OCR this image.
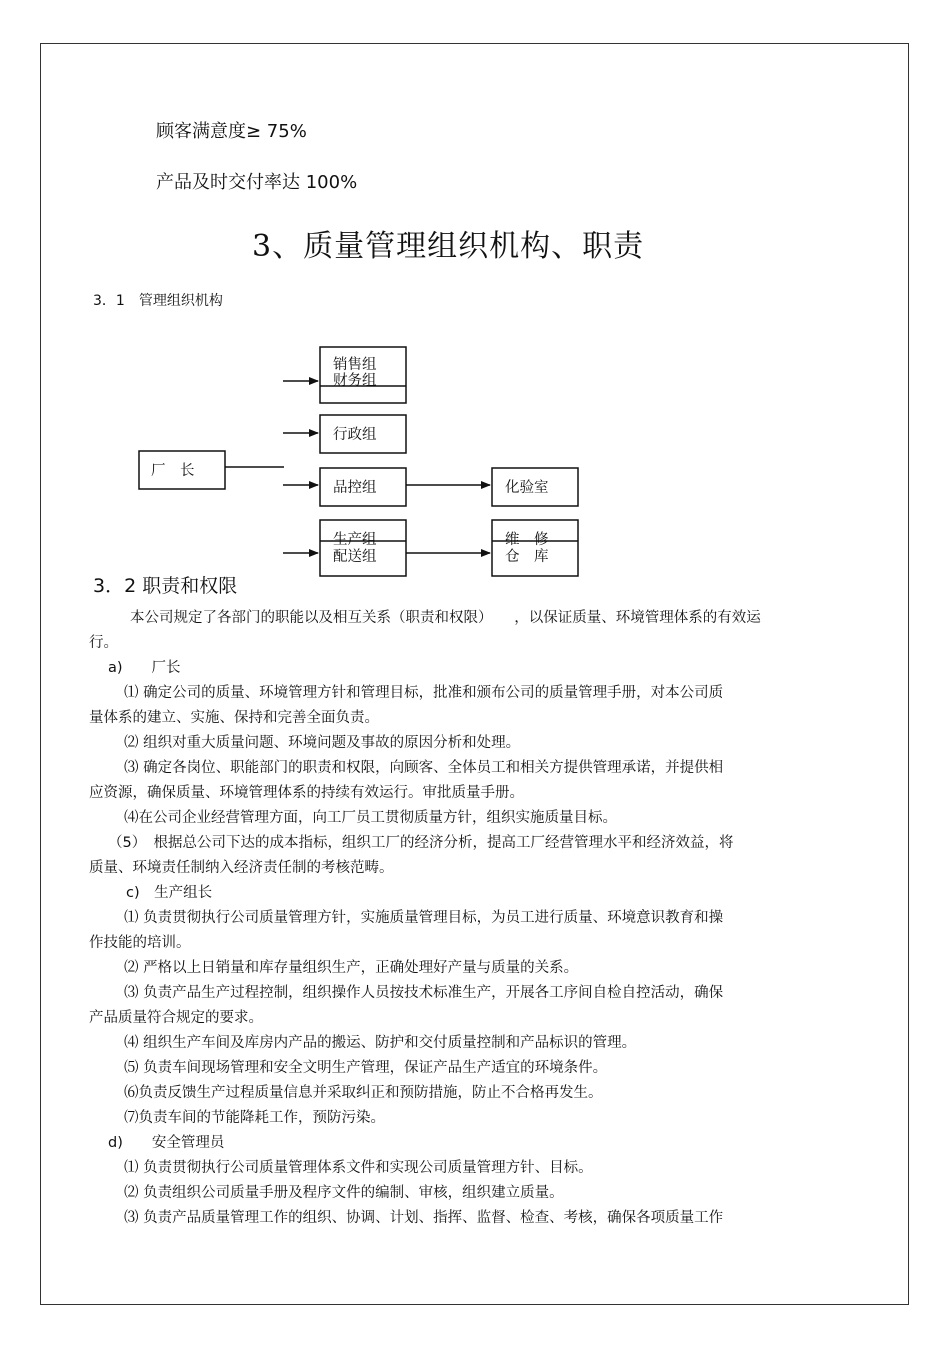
顾客满意度≥ 75%
产品及时交付率达 100%
3、质量管理组织机构、职责
3．1　管理组织机构
厂　长
销售组
财务组
行政组
品控组	化验室
生产组
配送组
维　修
仓　库
3．2 职责和权限
本公司规定了各部门的职能以及相互关系（职责和权限）　　，以保证质量、环境管理体系的有效运
行。
a)　　厂长
⑴ 确定公司的质量、环境管理方针和管理目标，批准和颁布公司的质量管理手册，对本公司质
量体系的建立、实施、保持和完善全面负责。
⑵ 组织对重大质量问题、环境问题及事故的原因分析和处理。
⑶ 确定各岗位、职能部门的职责和权限，向顾客、全体员工和相关方提供管理承诺，并提供相
应资源，确保质量、环境管理体系的持续有效运行。审批质量手册。
⑷在公司企业经营管理方面，向工厂员工贯彻质量方针，组织实施质量目标。
（5）　根据总公司下达的成本指标，组织工厂的经济分析，提高工厂经营管理水平和经济效益，将
质量、环境责任制纳入经济责任制的考核范畴。
c)　生产组长
⑴ 负责贯彻执行公司质量管理方针，实施质量管理目标，为员工进行质量、环境意识教育和操
作技能的培训。
⑵ 严格以上日销量和库存量组织生产，正确处理好产量与质量的关系。
⑶ 负责产品生产过程控制，组织操作人员按技术标准生产，开展各工序间自检自控活动，确保
产品质量符合规定的要求。
⑷ 组织生产车间及库房内产品的搬运、防护和交付质量控制和产品标识的管理。
⑸ 负责车间现场管理和安全文明生产管理，保证产品生产适宜的环境条件。
⑹负责反馈生产过程质量信息并采取纠正和预防措施，防止不合格再发生。
⑺负责车间的节能降耗工作，预防污染。
d)　　安全管理员
⑴ 负责贯彻执行公司质量管理体系文件和实现公司质量管理方针、目标。
⑵ 负责组织公司质量手册及程序文件的编制、审核，组织建立质量。
⑶ 负责产品质量管理工作的组织、协调、计划、指挥、监督、检查、考核，确保各项质量工作
